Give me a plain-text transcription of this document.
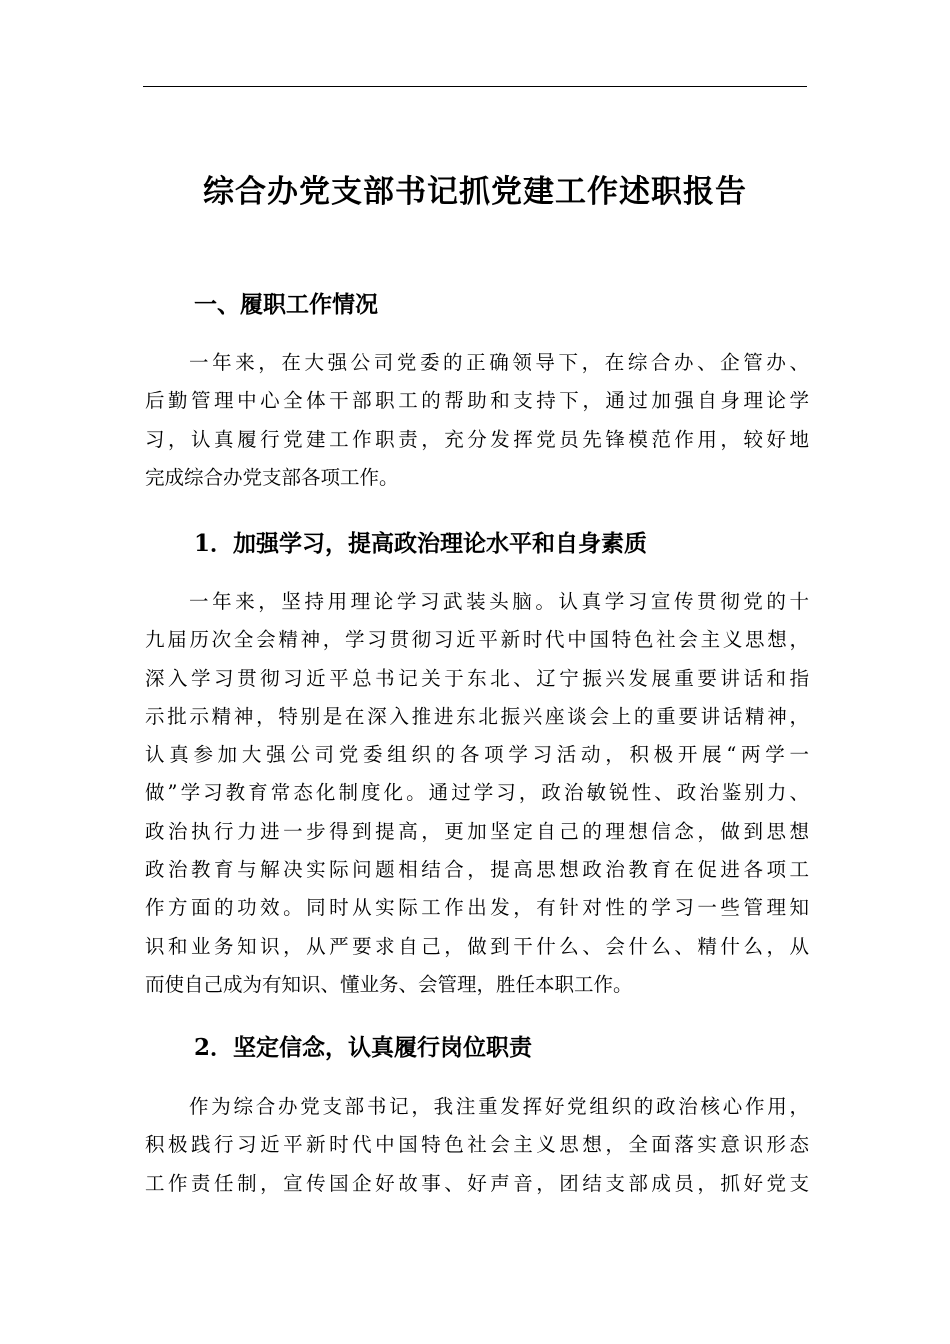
综合办党支部书记抓党建工作述职报告
一、履职工作情况
一年来，在大强公司党委的正确领导下，在综合办、企管办、
后勤管理中心全体干部职工的帮助和支持下，通过加强自身理论学
习，认真履行党建工作职责，充分发挥党员先锋模范作用，较好地
完成综合办党支部各项工作。
1．加强学习，提高政治理论水平和自身素质
一年来，坚持用理论学习武装头脑。认真学习宣传贯彻党的十
九届历次全会精神，学习贯彻习近平新时代中国特色社会主义思想，
深入学习贯彻习近平总书记关于东北、辽宁振兴发展重要讲话和指
示批示精神，特别是在深入推进东北振兴座谈会上的重要讲话精神，
认真参加大强公司党委组织的各项学习活动，积极开展“两学一
做”学习教育常态化制度化。通过学习，政治敏锐性、政治鉴别力、
政治执行力进一步得到提高，更加坚定自己的理想信念，做到思想
政治教育与解决实际问题相结合，提高思想政治教育在促进各项工
作方面的功效。同时从实际工作出发，有针对性的学习一些管理知
识和业务知识，从严要求自己，做到干什么、会什么、精什么，从
而使自己成为有知识、懂业务、会管理，胜任本职工作。
2．坚定信念，认真履行岗位职责
作为综合办党支部书记，我注重发挥好党组织的政治核心作用，
积极践行习近平新时代中国特色社会主义思想，全面落实意识形态
工作责任制，宣传国企好故事、好声音，团结支部成员，抓好党支
